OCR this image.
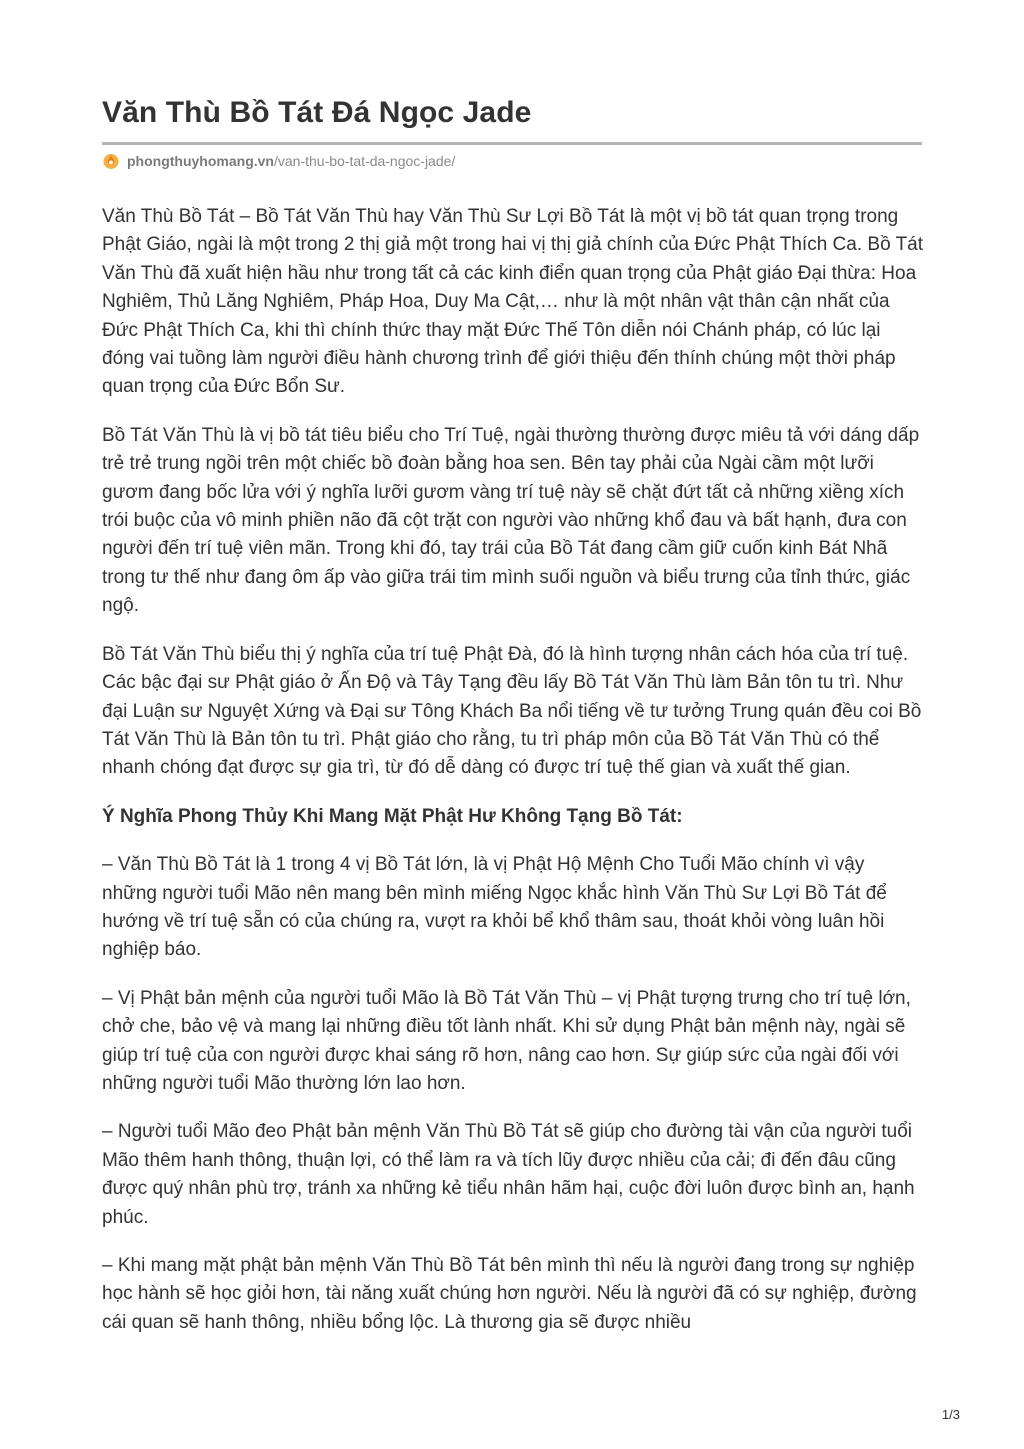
Văn Thù Bồ Tát Đá Ngọc Jade
phongthuyhomang.vn /van-thu-bo-tat-da-ngoc-jade/

Văn Thù Bồ Tát – Bồ Tát Văn Thù hay Văn Thù Sư Lợi Bồ Tát là một vị bồ tát quan trọng trong Phật Giáo, ngài là một trong 2 thị giả một trong hai vị thị giả chính của Đức Phật Thích Ca. Bồ Tát Văn Thù đã xuất hiện hầu như trong tất cả các kinh điển quan trọng của Phật giáo Đại thừa: Hoa Nghiêm, Thủ Lăng Nghiêm, Pháp Hoa, Duy Ma Cật,… như là một nhân vật thân cận nhất của Đức Phật Thích Ca, khi thì chính thức thay mặt Đức Thế Tôn diễn nói Chánh pháp, có lúc lại đóng vai tuồng làm người điều hành chương trình để giới thiệu đến thính chúng một thời pháp quan trọng của Đức Bổn Sư.

Bồ Tát Văn Thù là vị bồ tát tiêu biểu cho Trí Tuệ, ngài thường thường được miêu tả với dáng dấp trẻ trẻ trung ngồi trên một chiếc bồ đoàn bằng hoa sen. Bên tay phải của Ngài cầm một lưỡi gươm đang bốc lửa với ý nghĩa lưỡi gươm vàng trí tuệ này sẽ chặt đứt tất cả những xiềng xích trói buộc của vô minh phiền não đã cột trặt con người vào những khổ đau và bất hạnh, đưa con người đến trí tuệ viên mãn. Trong khi đó, tay trái của Bồ Tát đang cầm giữ cuốn kinh Bát Nhã trong tư thế như đang ôm ấp vào giữa trái tim mình suối nguồn và biểu trưng của tỉnh thức, giác ngộ.

Bồ Tát Văn Thù biểu thị ý nghĩa của trí tuệ Phật Đà, đó là hình tượng nhân cách hóa của trí tuệ. Các bậc đại sư Phật giáo ở Ấn Độ và Tây Tạng đều lấy Bồ Tát Văn Thù làm Bản tôn tu trì. Như đại Luận sư Nguyệt Xứng và Đại sư Tông Khách Ba nổi tiếng về tư tưởng Trung quán đều coi Bồ Tát Văn Thù là Bản tôn tu trì. Phật giáo cho rằng, tu trì pháp môn của Bồ Tát Văn Thù có thể nhanh chóng đạt được sự gia trì, từ đó dễ dàng có được trí tuệ thế gian và xuất thế gian.

Ý Nghĩa Phong Thủy Khi Mang Mặt Phật Hư Không Tạng Bồ Tát:

– Văn Thù Bồ Tát là 1 trong 4 vị Bồ Tát lớn, là vị Phật Hộ Mệnh Cho Tuổi Mão chính vì vậy những người tuổi Mão nên mang bên mình miếng Ngọc khắc hình Văn Thù Sư Lợi Bồ Tát để hướng về trí tuệ sẵn có của chúng ra, vượt ra khỏi bể khổ thâm sau, thoát khỏi vòng luân hồi nghiệp báo.

– Vị Phật bản mệnh của người tuổi Mão là Bồ Tát Văn Thù – vị Phật tượng trưng cho trí tuệ lớn, chở che, bảo vệ và mang lại những điều tốt lành nhất. Khi sử dụng Phật bản mệnh này, ngài sẽ giúp trí tuệ của con người được khai sáng rõ hơn, nâng cao hơn. Sự giúp sức của ngài đối với những người tuổi Mão thường lớn lao hơn.

– Người tuổi Mão đeo Phật bản mệnh Văn Thù Bồ Tát sẽ giúp cho đường tài vận của người tuổi Mão thêm hanh thông, thuận lợi, có thể làm ra và tích lũy được nhiều của cải; đi đến đâu cũng được quý nhân phù trợ, tránh xa những kẻ tiểu nhân hãm hại, cuộc đời luôn được bình an, hạnh phúc.

– Khi mang mặt phật bản mệnh Văn Thù Bồ Tát bên mình thì nếu là người đang trong sự nghiệp học hành sẽ học giỏi hơn, tài năng xuất chúng hơn người. Nếu là người đã có sự nghiệp, đường cái quan sẽ hanh thông, nhiều bổng lộc. Là thương gia sẽ được nhiều

1/3
